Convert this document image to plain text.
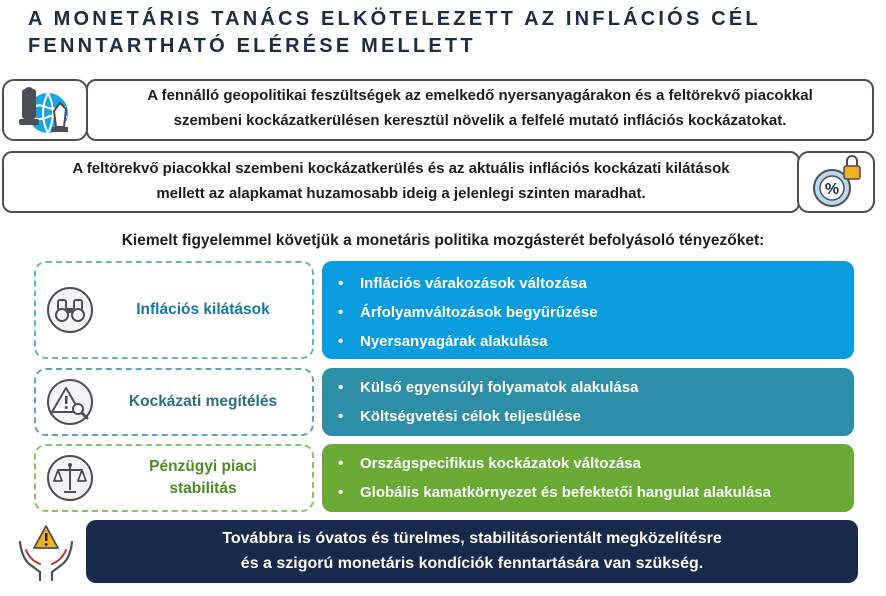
A MONETÁRIS TANÁCS ELKÖTELEZETT AZ INFLÁCIÓS CÉL
FENNTARTHATÓ ELÉRÉSE MELLETT
A fennálló geopolitikai feszültségek az emelkedő nyersanyagárakon és a feltörekvő piacokkal
szembeni kockázatkerülésen keresztül növelik a felfelé mutató inflációs kockázatokat.
A feltörekvő piacokkal szembeni kockázatkerülés és az aktuális inflációs kockázati kilátások
mellett az alapkamat huzamosabb ideig a jelenlegi szinten maradhat.	%
Kiemelt figyelemmel követjük a monetáris politika mozgásterét befolyásoló tényezőket:
Inflációs kilátások
• Inflációs várakozások változása
• Árfolyamváltozások begyűrűzése
• Nyersanyagárak alakulása
Kockázati megítélés
• Külső egyensúlyi folyamatok alakulása
• Költségvetési célok teljesülése
Pénzügyi piaci
stabilitás
• Országspecifikus kockázatok változása
• Globális kamatkörnyezet és befektetői hangulat alakulása
Továbbra is óvatos és türelmes, stabilitásorientált megközelítésre
és a szigorú monetáris kondíciók fenntartására van szükség.
